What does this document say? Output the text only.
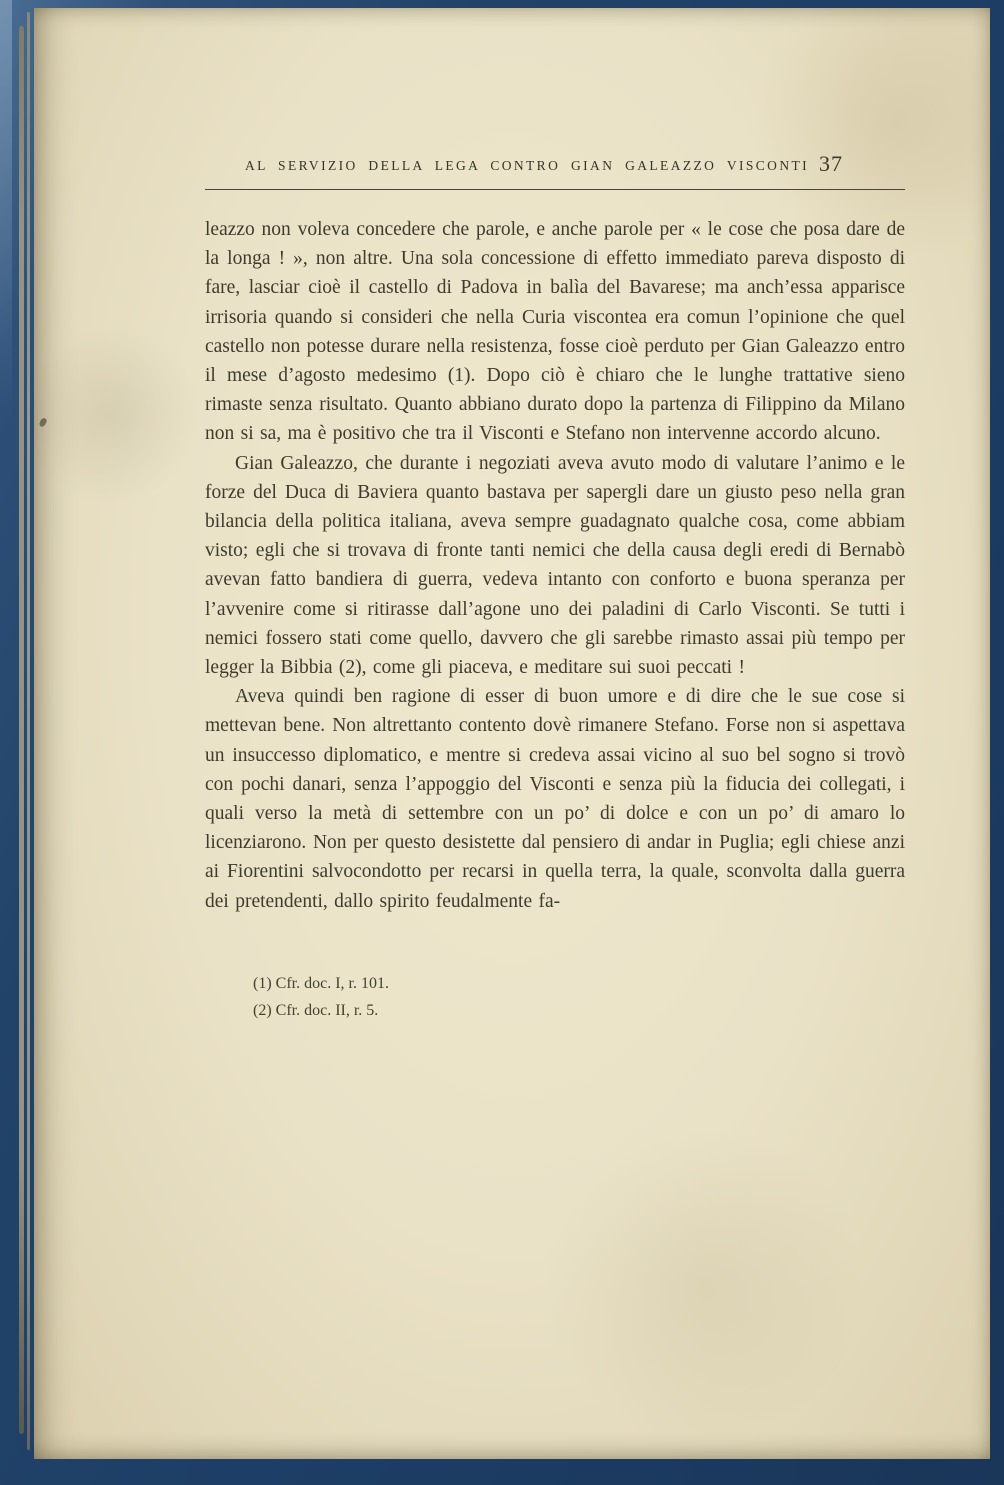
AL SERVIZIO DELLA LEGA CONTRO GIAN GALEAZZO VISCONTI 37

leazzo non voleva concedere che parole, e anche parole per « le cose che posa dare de la longa ! », non altre. Una sola concessione di effetto immediato pareva disposto di fare, lasciar cioè il castello di Padova in balìa del Bavarese; ma anch’essa apparisce irrisoria quando si consideri che nella Curia viscontea era comun l’opinione che quel castello non potesse durare nella resistenza, fosse cioè perduto per Gian Galeazzo entro il mese d’agosto medesimo (1). Dopo ciò è chiaro che le lunghe trattative sieno rimaste senza risultato. Quanto abbiano durato dopo la partenza di Filippino da Milano non si sa, ma è positivo che tra il Visconti e Stefano non intervenne accordo alcuno.

Gian Galeazzo, che durante i negoziati aveva avuto modo di valutare l’animo e le forze del Duca di Baviera quanto bastava per sapergli dare un giusto peso nella gran bilancia della politica italiana, aveva sempre guadagnato qualche cosa, come abbiam visto; egli che si trovava di fronte tanti nemici che della causa degli eredi di Bernabò avevan fatto bandiera di guerra, vedeva intanto con conforto e buona speranza per l’avvenire come si ritirasse dall’agone uno dei paladini di Carlo Visconti. Se tutti i nemici fossero stati come quello, davvero che gli sarebbe rimasto assai più tempo per legger la Bibbia (2), come gli piaceva, e meditare sui suoi peccati !

Aveva quindi ben ragione di esser di buon umore e di dire che le sue cose si mettevan bene. Non altrettanto contento dovè rimanere Stefano. Forse non si aspettava un insuccesso diplomatico, e mentre si credeva assai vicino al suo bel sogno si trovò con pochi danari, senza l’appoggio del Visconti e senza più la fiducia dei collegati, i quali verso la metà di settembre con un po’ di dolce e con un po’ di amaro lo licenziarono. Non per questo desistette dal pensiero di andar in Puglia; egli chiese anzi ai Fiorentini salvocondotto per recarsi in quella terra, la quale, sconvolta dalla guerra dei pretendenti, dallo spirito feudalmente fa-

(1) Cfr. doc. I, r. 101.

(2) Cfr. doc. II, r. 5.
